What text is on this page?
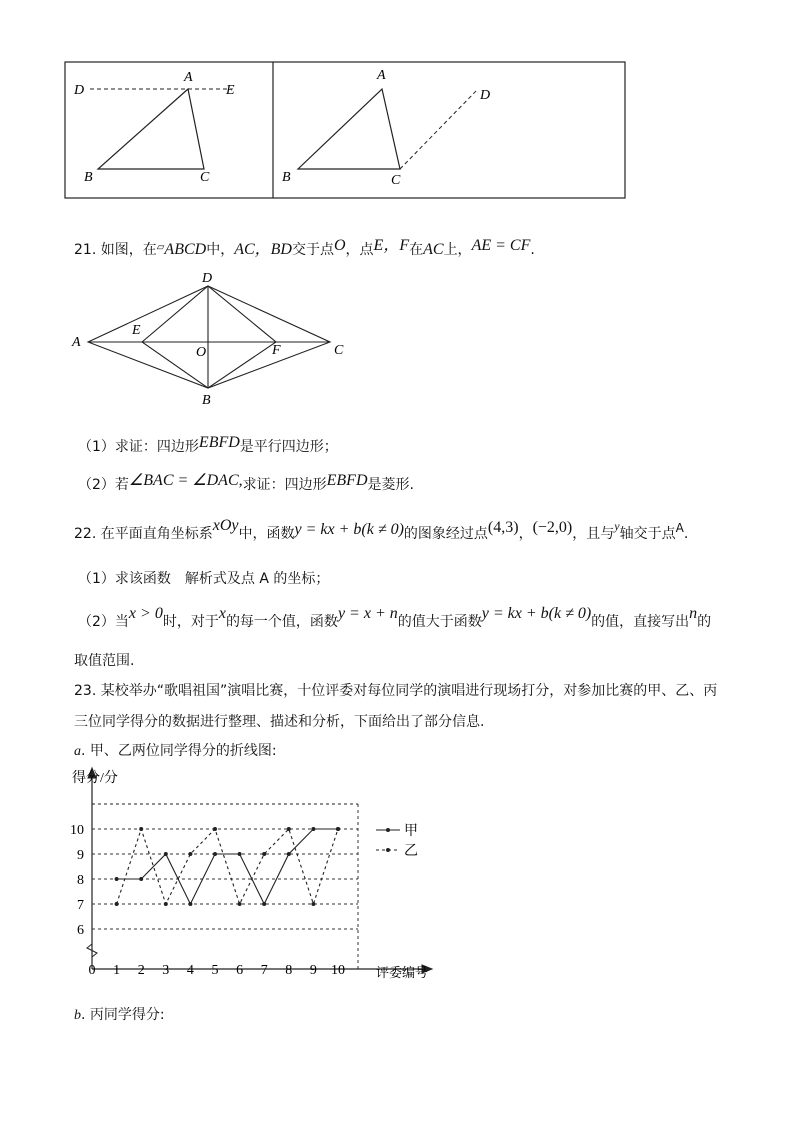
D
A
E
B	C
A
D
B	C
21. 如图，在▱ABCD中，AC，BD交于点O，点E，F在AC上，AE = CF.
A
D
C
B
E
F
O
（1）求证：四边形EBFD是平行四边形；
（2）若∠BAC = ∠DAC,求证：四边形EBFD是菱形.
22. 在平面直角坐标系xOy中，函数y = kx + b(k ≠ 0)的图象经过点(4,3)，(−2,0)，且与$^y$轴交于点$^A$.
（1）求该函数　解析式及点 A 的坐标；
（2）当x > 0时，对于x的每一个值，函数y = x + n的值大于函数y = kx + b(k ≠ 0)的值，直接写出n的
取值范围.
23. 某校举办“歌唱祖国”演唱比赛，十位评委对每位同学的演唱进行现场打分，对参加比赛的甲、乙、丙
三位同学得分的数据进行整理、描述和分析，下面给出了部分信息.
a. 甲、乙两位同学得分的折线图:
6
7
8
9
10
0 1 2 3 4 5 6 7 8 9 10
得分/分
评委编号
甲
乙
b. 丙同学得分:
